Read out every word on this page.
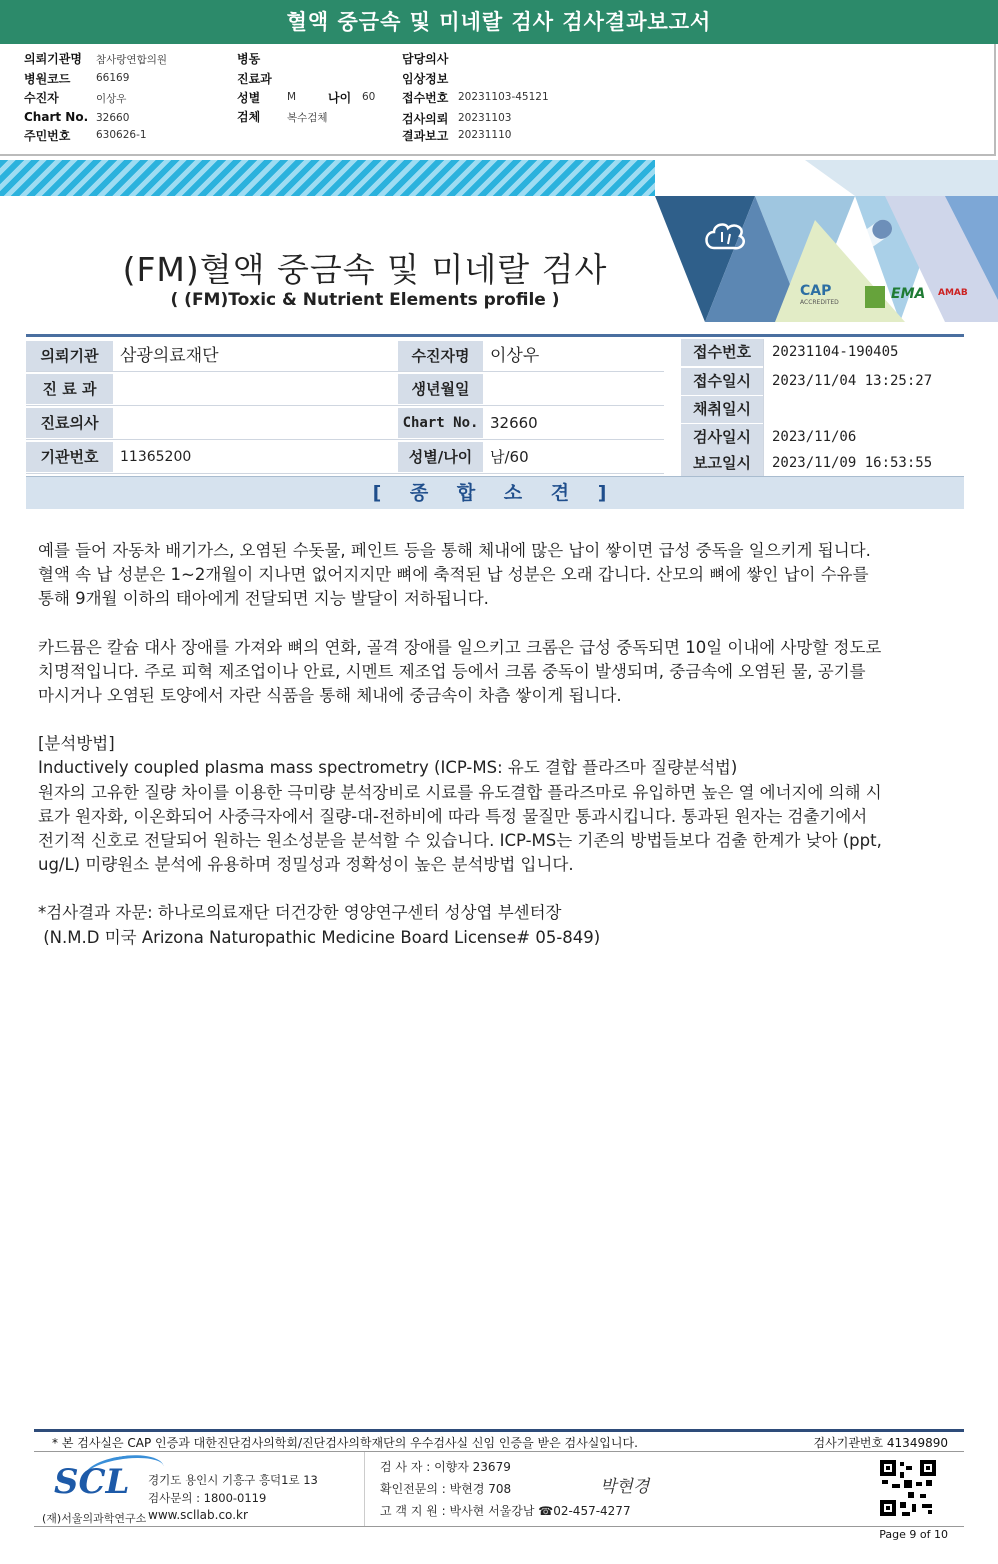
혈액 중금속 및 미네랄 검사 검사결과보고서
의뢰기관명 참사랑연합의원
병원코드 66169
수진자	이상우
Chart No. 32660
주민번호 630626-1
병동
진료과
성별	M	나이 60
검체	복수검체
담당의사
임상정보
접수번호 20231103-45121
검사의뢰 20231103
결과보고 20231110
CAP
ACCREDITED
EMA AMAB
(FM)혈액 중금속 및 미네랄 검사
( (FM)Toxic & Nutrient Elements profile )
의뢰기관	삼광의료재단	수진자명	이상우
진 료 과	생년월일
진료의사	Chart No. 32660
기관번호	11365200	성별/나이	남/60
접수번호	20231104-190405
접수일시	2023/11/04 13:25:27
채취일시
검사일시	2023/11/06
보고일시	2023/11/09 16:53:55
[ 종 합 소 견 ]

예를 들어 자동차 배기가스, 오염된 수돗물, 페인트 등을 통해 체내에 많은 납이 쌓이면 급성 중독을 일으키게 됩니다. 혈액 속 납 성분은 1~2개월이 지나면 없어지지만 뼈에 축적된 납 성분은 오래 갑니다. 산모의 뼈에 쌓인 납이 수유를 통해 9개월 이하의 태아에게 전달되면 지능 발달이 저하됩니다.

카드뮴은 칼슘 대사 장애를 가져와 뼈의 연화, 골격 장애를 일으키고 크롬은 급성 중독되면 10일 이내에 사망할 정도로 치명적입니다. 주로 피혁 제조업이나 안료, 시멘트 제조업 등에서 크롬 중독이 발생되며, 중금속에 오염된 물, 공기를 마시거나 오염된 토양에서 자란 식품을 통해 체내에 중금속이 차츰 쌓이게 됩니다.

[분석방법]
Inductively coupled plasma mass spectrometry (ICP-MS: 유도 결합 플라즈마 질량분석법)

원자의 고유한 질량 차이를 이용한 극미량 분석장비로 시료를 유도결합 플라즈마로 유입하면 높은 열 에너지에 의해 시료가 원자화, 이온화되어 사중극자에서 질량-대-전하비에 따라 특정 물질만 통과시킵니다. 통과된 원자는 검출기에서 전기적 신호로 전달되어 원하는 원소성분을 분석할 수 있습니다. ICP-MS는 기존의 방법들보다 검출 한계가 낮아 (ppt, ug/L) 미량원소 분석에 유용하며 정밀성과 정확성이 높은 분석방법 입니다.

*검사결과 자문: 하나로의료재단 더건강한 영양연구센터 성상엽 부센터장
(N.M.D 미국 Arizona Naturopathic Medicine Board License# 05-849)
* 본 검사실은 CAP 인증과 대한진단검사의학회/진단검사의학재단의 우수검사실 신임 인증을 받은 검사실입니다.	검사기관번호 41349890
SCL
(재)서울의과학연구소
경기도 용인시 기흥구 흥덕1로 13
검사문의 : 1800-0119
www.scllab.co.kr
검 사 자 : 이향자 23679
확인전문의 : 박현경 708
고 객 지 원 : 박사현 서울강남 ☎02-457-4277
박현경
Page 9 of 10
